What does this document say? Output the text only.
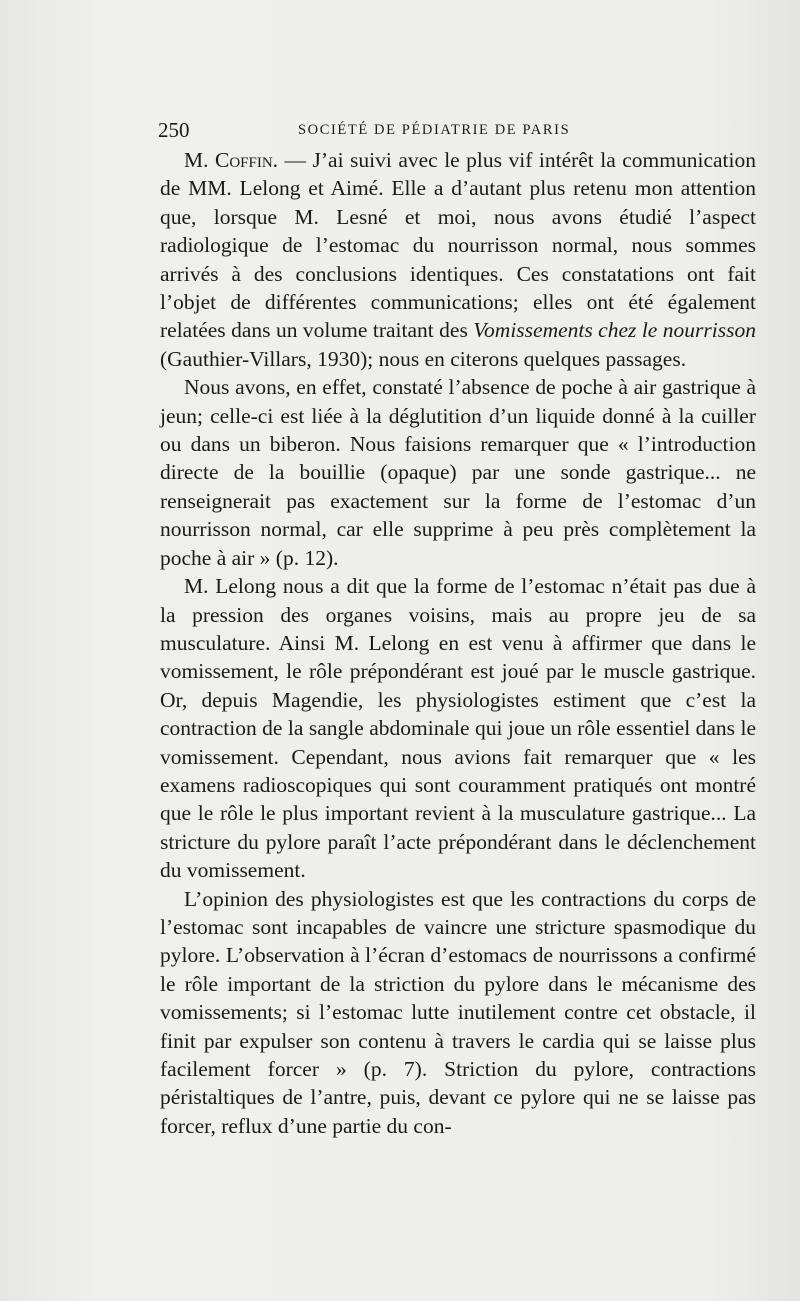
250	SOCIÉTÉ DE PÉDIATRIE DE PARIS

M. Coffin. — J’ai suivi avec le plus vif intérêt la communication de MM. Lelong et Aimé. Elle a d’autant plus retenu mon attention que, lorsque M. Lesné et moi, nous avons étudié l’aspect radiologique de l’estomac du nourrisson normal, nous sommes arrivés à des conclusions identiques. Ces constatations ont fait l’objet de différentes communications; elles ont été également relatées dans un volume traitant des Vomissements chez le nourrisson (Gauthier-Villars, 1930); nous en citerons quelques passages.

Nous avons, en effet, constaté l’absence de poche à air gastrique à jeun; celle-ci est liée à la déglutition d’un liquide donné à la cuiller ou dans un biberon. Nous faisions remarquer que « l’introduction directe de la bouillie (opaque) par une sonde gastrique... ne renseignerait pas exactement sur la forme de l’estomac d’un nourrisson normal, car elle supprime à peu près complètement la poche à air » (p. 12).

M. Lelong nous a dit que la forme de l’estomac n’était pas due à la pression des organes voisins, mais au propre jeu de sa musculature. Ainsi M. Lelong en est venu à affirmer que dans le vomissement, le rôle prépondérant est joué par le muscle gastrique. Or, depuis Magendie, les physiologistes estiment que c’est la contraction de la sangle abdominale qui joue un rôle essentiel dans le vomissement. Cependant, nous avions fait remarquer que « les examens radioscopiques qui sont couramment pratiqués ont montré que le rôle le plus important revient à la musculature gastrique... La stricture du pylore paraît l’acte prépondérant dans le déclenchement du vomissement.

L’opinion des physiologistes est que les contractions du corps de l’estomac sont incapables de vaincre une stricture spasmodique du pylore. L’observation à l’écran d’estomacs de nourrissons a confirmé le rôle important de la striction du pylore dans le mécanisme des vomissements; si l’estomac lutte inutilement contre cet obstacle, il finit par expulser son contenu à travers le cardia qui se laisse plus facilement forcer » (p. 7). Striction du pylore, contractions péristaltiques de l’antre, puis, devant ce pylore qui ne se laisse pas forcer, reflux d’une partie du con-
